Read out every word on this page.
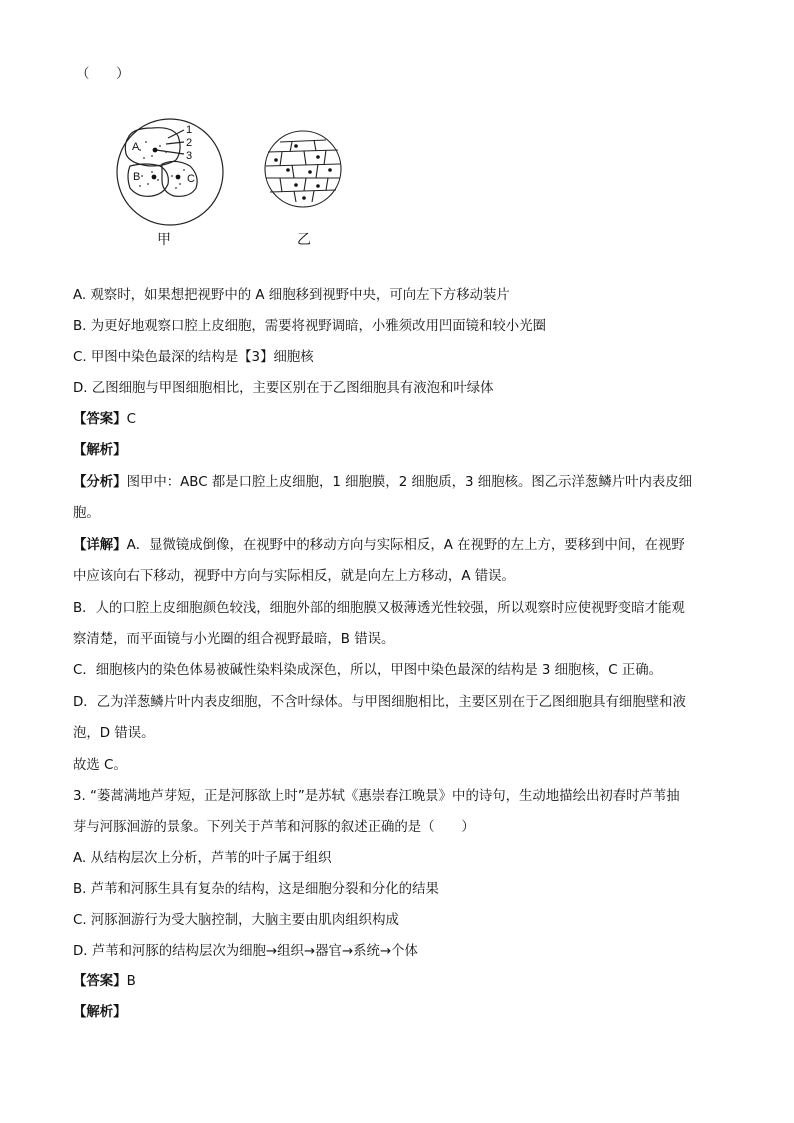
（　　）
A
B	C
1
2
3
甲	乙
A. 观察时，如果想把视野中的 A 细胞移到视野中央，可向左下方移动装片
B. 为更好地观察口腔上皮细胞，需要将视野调暗，小雅须改用凹面镜和较小光圈
C. 甲图中染色最深的结构是【3】细胞核
D. 乙图细胞与甲图细胞相比，主要区别在于乙图细胞具有液泡和叶绿体
【答案】C
【解析】
【分析】图甲中：ABC 都是口腔上皮细胞，1 细胞膜，2 细胞质，3 细胞核。图乙示洋葱鳞片叶内表皮细
胞。
【详解】A．显微镜成倒像，在视野中的移动方向与实际相反，A 在视野的左上方，要移到中间，在视野
中应该向右下移动，视野中方向与实际相反，就是向左上方移动，A 错误。
B．人的口腔上皮细胞颜色较浅，细胞外部的细胞膜又极薄透光性较强，所以观察时应使视野变暗才能观
察清楚，而平面镜与小光圈的组合视野最暗，B 错误。
C．细胞核内的染色体易被碱性染料染成深色，所以，甲图中染色最深的结构是 3 细胞核，C 正确。
D．乙为洋葱鳞片叶内表皮细胞，不含叶绿体。与甲图细胞相比，主要区别在于乙图细胞具有细胞壁和液
泡，D 错误。
故选 C。
3. “蒌蒿满地芦芽短，正是河豚欲上时”是苏轼《惠崇春江晚景》中的诗句，生动地描绘出初春时芦苇抽
芽与河豚洄游的景象。下列关于芦苇和河豚的叙述正确的是（　　）
A. 从结构层次上分析，芦苇的叶子属于组织
B. 芦苇和河豚生具有复杂的结构，这是细胞分裂和分化的结果
C. 河豚洄游行为受大脑控制，大脑主要由肌肉组织构成
D. 芦苇和河豚的结构层次为细胞→组织→器官→系统→个体
【答案】B
【解析】
